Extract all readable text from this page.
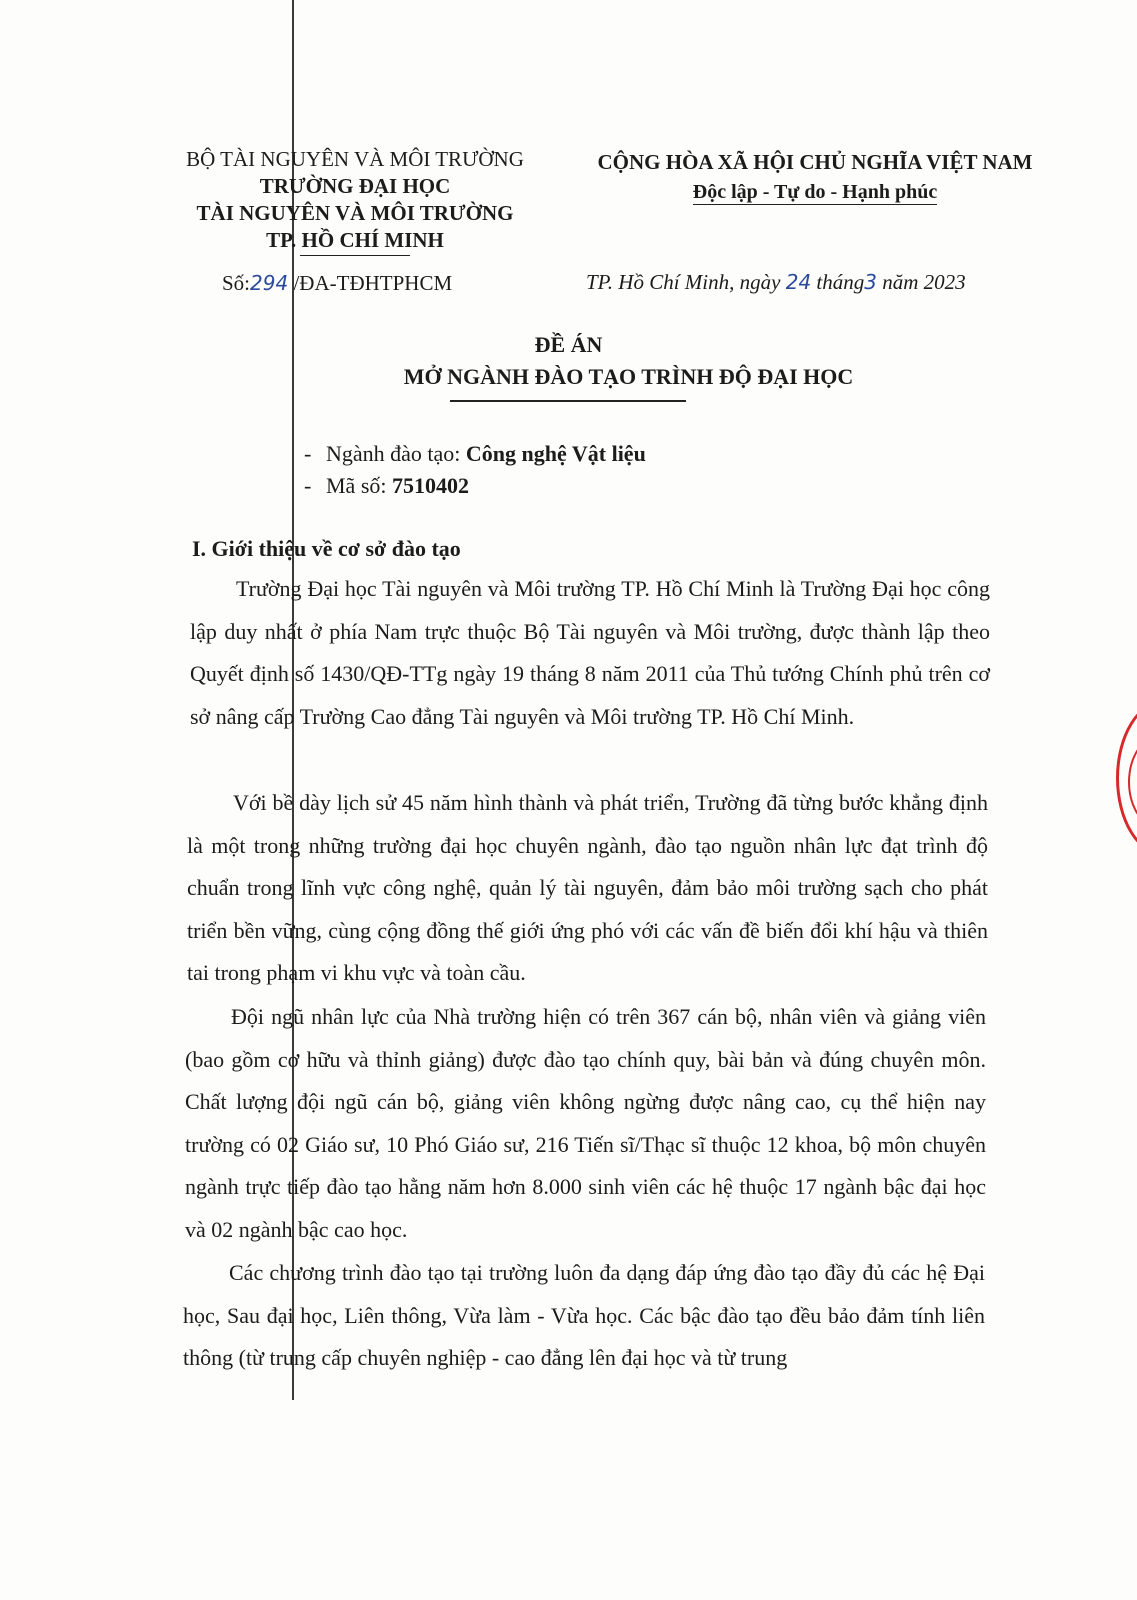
BỘ TÀI NGUYÊN VÀ MÔI TRƯỜNG
TRƯỜNG ĐẠI HỌC
TÀI NGUYÊN VÀ MÔI TRƯỜNG
TP. HỒ CHÍ MINH
CỘNG HÒA XÃ HỘI CHỦ NGHĨA VIỆT NAM
Độc lập - Tự do - Hạnh phúc
Số:294 /ĐA-TĐHTPHCM	TP. Hồ Chí Minh, ngày 24 tháng3 năm 2023
ĐỀ ÁN
MỞ NGÀNH ĐÀO TẠO TRÌNH ĐỘ ĐẠI HỌC
- Ngành đào tạo: Công nghệ Vật liệu
- Mã số: 7510402
I. Giới thiệu về cơ sở đào tạo
Trường Đại học Tài nguyên và Môi trường TP. Hồ Chí Minh là Trường Đại học công lập duy nhất ở phía Nam trực thuộc Bộ Tài nguyên và Môi trường, được thành lập theo Quyết định số 1430/QĐ-TTg ngày 19 tháng 8 năm 2011 của Thủ tướng Chính phủ trên cơ sở nâng cấp Trường Cao đẳng Tài nguyên và Môi trường TP. Hồ Chí Minh.
Với bề dày lịch sử 45 năm hình thành và phát triển, Trường đã từng bước khẳng định là một trong những trường đại học chuyên ngành, đào tạo nguồn nhân lực đạt trình độ chuẩn trong lĩnh vực công nghệ, quản lý tài nguyên, đảm bảo môi trường sạch cho phát triển bền vững, cùng cộng đồng thế giới ứng phó với các vấn đề biến đổi khí hậu và thiên tai trong phạm vi khu vực và toàn cầu.
Đội ngũ nhân lực của Nhà trường hiện có trên 367 cán bộ, nhân viên và giảng viên (bao gồm cơ hữu và thỉnh giảng) được đào tạo chính quy, bài bản và đúng chuyên môn. Chất lượng đội ngũ cán bộ, giảng viên không ngừng được nâng cao, cụ thể hiện nay trường có 02 Giáo sư, 10 Phó Giáo sư, 216 Tiến sĩ/Thạc sĩ thuộc 12 khoa, bộ môn chuyên ngành trực tiếp đào tạo hằng năm hơn 8.000 sinh viên các hệ thuộc 17 ngành bậc đại học và 02 ngành bậc cao học.
Các chương trình đào tạo tại trường luôn đa dạng đáp ứng đào tạo đầy đủ các hệ Đại học, Sau đại học, Liên thông, Vừa làm - Vừa học. Các bậc đào tạo đều bảo đảm tính liên thông (từ trung cấp chuyên nghiệp - cao đẳng lên đại học và từ trung
